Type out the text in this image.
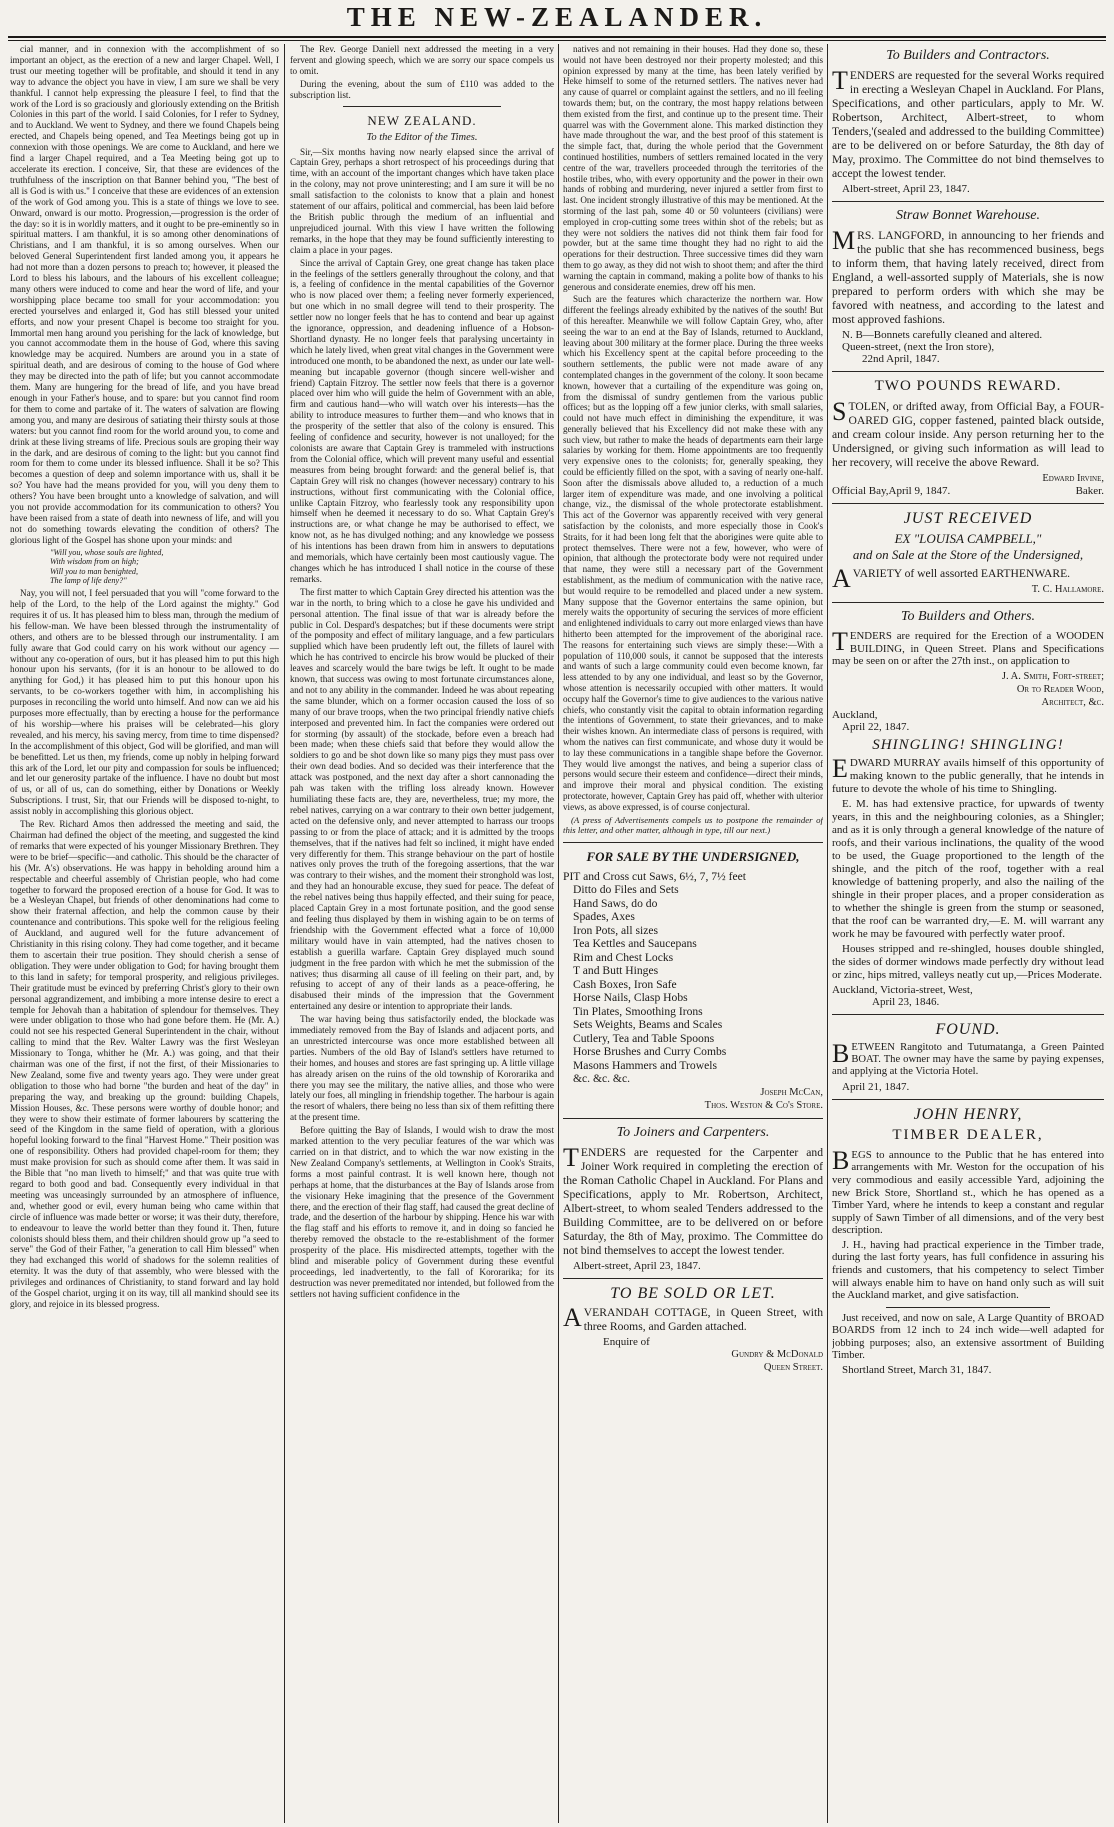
THE NEW-ZEALANDER.

cial manner, and in connexion with the accomplishment of so important an object, as the erection of a new and larger Chapel. Well, I trust our meeting together will be profitable, and should it tend in any way to advance the object you have in view, I am sure we shall be very thankful. I cannot help expressing the pleasure I feel, to find that the work of the Lord is so graciously and gloriously extending on the British Colonies in this part of the world. I said Colonies, for I refer to Sydney, and to Auckland. We went to Sydney, and there we found Chapels being erected, and Chapels being opened, and Tea Meetings being got up in connexion with those openings. We are come to Auckland, and here we find a larger Chapel required, and a Tea Meeting being got up to accelerate its erection. I conceive, Sir, that these are evidences of the truthfulness of the inscription on that Banner behind you, "The best of all is God is with us." I conceive that these are evidences of an extension of the work of God among you. This is a state of things we love to see. Onward, onward is our motto. Progression,—progression is the order of the day: so it is in worldly matters, and it ought to be pre-eminently so in spiritual matters. I am thankful, it is so among other denominations of Christians, and I am thankful, it is so among ourselves. When our beloved General Superintendent first landed among you, it appears he had not more than a dozen persons to preach to; however, it pleased the Lord to bless his labours, and the labours of his excellent colleague; many others were induced to come and hear the word of life, and your worshipping place became too small for your accommodation: you erected yourselves and enlarged it, God has still blessed your united efforts, and now your present Chapel is become too straight for you. Immortal men hang around you perishing for the lack of knowledge, but you cannot accommodate them in the house of God, where this saving knowledge may be acquired. Numbers are around you in a state of spiritual death, and are desirous of coming to the house of God where they may be directed into the path of life; but you cannot accommodate them. Many are hungering for the bread of life, and you have bread enough in your Father's house, and to spare: but you cannot find room for them to come and partake of it. The waters of salvation are flowing among you, and many are desirous of satiating their thirsty souls at those waters: but you cannot find room for the world around you, to come and drink at these living streams of life. Precious souls are groping their way in the dark, and are desirous of coming to the light: but you cannot find room for them to come under its blessed influence. Shall it be so? This becomes a question of deep and solemn importance with us, shall it be so? You have had the means provided for you, will you deny them to others? You have been brought unto a knowledge of salvation, and will you not provide accommodation for its communication to others? You have been raised from a state of death into newness of life, and will you not do something towards elevating the condition of others? The glorious light of the Gospel has shone upon your minds: and

"Will you, whose souls are lighted,
With wisdom from on high;
Will you to man benighted,
The lamp of life deny?"

Nay, you will not, I feel persuaded that you will "come forward to the help of the Lord, to the help of the Lord against the mighty." God requires it of us. It has pleased him to bless man, through the medium of his fellow-man. We have been blessed through the instrumentality of others, and others are to be blessed through our instrumentality. I am fully aware that God could carry on his work without our agency — without any co-operation of ours, but it has pleased him to put this high honour upon his servants, (for it is an honour to be allowed to do anything for God,) it has pleased him to put this honour upon his servants, to be co-workers together with him, in accomplishing his purposes in reconciling the world unto himself. And now can we aid his purposes more effectually, than by erecting a house for the performance of his worship—where his praises will be celebrated—his glory revealed, and his mercy, his saving mercy, from time to time dispensed? In the accomplishment of this object, God will be glorified, and man will be benefitted. Let us then, my friends, come up nobly in helping forward this ark of the Lord, let our pity and compassion for souls be influenced; and let our generosity partake of the influence. I have no doubt but most of us, or all of us, can do something, either by Donations or Weekly Subscriptions. I trust, Sir, that our Friends will be disposed to-night, to assist nobly in accomplishing this glorious object.

The Rev. Richard Amos then addressed the meeting and said, the Chairman had defined the object of the meeting, and suggested the kind of remarks that were expected of his younger Missionary Brethren. They were to be brief—specific—and catholic. This should be the character of his (Mr. A's) observations. He was happy in beholding around him a respectable and cheerful assembly of Christian people, who had come together to forward the proposed erection of a house for God. It was to be a Wesleyan Chapel, but friends of other denominations had come to show their fraternal affection, and help the common cause by their countenance and contributions. This spoke well for the religious feeling of Auckland, and augured well for the future advancement of Christianity in this rising colony. They had come together, and it became them to ascertain their true position. They should cherish a sense of obligation. They were under obligation to God; for having brought them to this land in safety; for temporal prosperity, and religious privileges. Their gratitude must be evinced by preferring Christ's glory to their own personal aggrandizement, and imbibing a more intense desire to erect a temple for Jehovah than a habitation of splendour for themselves. They were under obligation to those who had gone before them. He (Mr. A.) could not see his respected General Superintendent in the chair, without calling to mind that the Rev. Walter Lawry was the first Wesleyan Missionary to Tonga, whither he (Mr. A.) was going, and that their chairman was one of the first, if not the first, of their Missionaries to New Zealand, some five and twenty years ago. They were under great obligation to those who had borne "the burden and heat of the day" in preparing the way, and breaking up the ground: building Chapels, Mission Houses, &c. These persons were worthy of double honor; and they were to show their estimate of former labourers by scattering the seed of the Kingdom in the same field of operation, with a glorious hopeful looking forward to the final "Harvest Home." Their position was one of responsibility. Others had provided chapel-room for them; they must make provision for such as should come after them. It was said in the Bible that "no man liveth to himself;" and that was quite true with regard to both good and bad. Consequently every individual in that meeting was unceasingly surrounded by an atmosphere of influence, and, whether good or evil, every human being who came within that circle of influence was made better or worse; it was their duty, therefore, to endeavour to leave the world better than they found it. Then, future colonists should bless them, and their children should grow up "a seed to serve" the God of their Father, "a generation to call Him blessed" when they had exchanged this world of shadows for the solemn realities of eternity. It was the duty of that assembly, who were blessed with the privileges and ordinances of Christianity, to stand forward and lay hold of the Gospel chariot, urging it on its way, till all mankind should see its glory, and rejoice in its blessed progress.

The Rev. George Daniell next addressed the meeting in a very fervent and glowing speech, which we are sorry our space compels us to omit.

During the evening, about the sum of £110 was added to the subscription list.

NEW ZEALAND.
To the Editor of the Times.

Sir,—Six months having now nearly elapsed since the arrival of Captain Grey, perhaps a short retrospect of his proceedings during that time, with an account of the important changes which have taken place in the colony, may not prove uninteresting; and I am sure it will be no small satisfaction to the colonists to know that a plain and honest statement of our affairs, political and commercial, has been laid before the British public through the medium of an influential and unprejudiced journal. With this view I have written the following remarks, in the hope that they may be found sufficiently interesting to claim a place in your pages.

Since the arrival of Captain Grey, one great change has taken place in the feelings of the settlers generally throughout the colony, and that is, a feeling of confidence in the mental capabilities of the Governor who is now placed over them; a feeling never formerly experienced, but one which in no small degree will tend to their prosperity. The settler now no longer feels that he has to contend and bear up against the ignorance, oppression, and deadening influence of a Hobson-Shortland dynasty. He no longer feels that paralysing uncertainty in which he lately lived, when great vital changes in the Government were introduced one month, to be abandoned the next, as under our late well-meaning but incapable governor (though sincere well-wisher and friend) Captain Fitzroy. The settler now feels that there is a governor placed over him who will guide the helm of Government with an able, firm and cautious hand—who will watch over his interests—has the ability to introduce measures to further them—and who knows that in the prosperity of the settler that also of the colony is ensured. This feeling of confidence and security, however is not unalloyed; for the colonists are aware that Captain Grey is trammeled with instructions from the Colonial office, which will prevent many useful and essential measures from being brought forward: and the general belief is, that Captain Grey will risk no changes (however necessary) contrary to his instructions, without first communicating with the Colonial office, unlike Captain Fitzroy, who fearlessly took any responsibility upon himself when he deemed it necessary to do so. What Captain Grey's instructions are, or what change he may be authorised to effect, we know not, as he has divulged nothing; and any knowledge we possess of his intentions has been drawn from him in answers to deputations and memorials, which have certainly been most cautiously vague. The changes which he has introduced I shall notice in the course of these remarks.

The first matter to which Captain Grey directed his attention was the war in the north, to bring which to a close he gave his undivided and personal attention. The final issue of that war is already before the public in Col. Despard's despatches; but if these documents were stript of the pomposity and effect of military language, and a few particulars supplied which have been prudently left out, the fillets of laurel with which he has contrived to encircle his brow would be plucked of their leaves and scarcely would the bare twigs be left. It ought to be made known, that success was owing to most fortunate circumstances alone, and not to any ability in the commander. Indeed he was about repeating the same blunder, which on a former occasion caused the loss of so many of our brave troops, when the two principal friendly native chiefs interposed and prevented him. In fact the companies were ordered out for storming (by assault) of the stockade, before even a breach had been made; when these chiefs said that before they would allow the soldiers to go and be shot down like so many pigs they must pass over their own dead bodies. And so decided was their interference that the attack was postponed, and the next day after a short cannonading the pah was taken with the trifling loss already known. However humiliating these facts are, they are, nevertheless, true; my more, the rebel natives, carrying on a war contrary to their own better judgement, acted on the defensive only, and never attempted to harrass our troops passing to or from the place of attack; and it is admitted by the troops themselves, that if the natives had felt so inclined, it might have ended very differently for them. This strange behaviour on the part of hostile natives only proves the truth of the foregoing assertions, that the war was contrary to their wishes, and the moment their stronghold was lost, and they had an honourable excuse, they sued for peace. The defeat of the rebel natives being thus happily effected, and their suing for peace, placed Captain Grey in a most fortunate position, and the good sense and feeling thus displayed by them in wishing again to be on terms of friendship with the Government effected what a force of 10,000 military would have in vain attempted, had the natives chosen to establish a guerilla warfare. Captain Grey displayed much sound judgment in the free pardon with which he met the submission of the natives; thus disarming all cause of ill feeling on their part, and, by refusing to accept of any of their lands as a peace-offering, he disabused their minds of the impression that the Government entertained any desire or intention to appropriate their lands.

The war having being thus satisfactorily ended, the blockade was immediately removed from the Bay of Islands and adjacent ports, and an unrestricted intercourse was once more established between all parties. Numbers of the old Bay of Island's settlers have returned to their homes, and houses and stores are fast springing up. A little village has already arisen on the ruins of the old township of Kororarika and there you may see the military, the native allies, and those who were lately our foes, all mingling in friendship together. The harbour is again the resort of whalers, there being no less than six of them refitting there at the present time.

Before quitting the Bay of Islands, I would wish to draw the most marked attention to the very peculiar features of the war which was carried on in that district, and to which the war now existing in the New Zealand Company's settlements, at Wellington in Cook's Straits, forms a most painful contrast. It is well known here, though not perhaps at home, that the disturbances at the Bay of Islands arose from the visionary Heke imagining that the presence of the Government there, and the erection of their flag staff, had caused the great decline of trade, and the desertion of the harbour by shipping. Hence his war with the flag staff and his efforts to remove it, and in doing so fancied he thereby removed the obstacle to the re-establishment of the former prosperity of the place. His misdirected attempts, together with the blind and miserable policy of Government during these eventful proceedings, led inadvertently, to the fall of Kororarika; for its destruction was never premeditated nor intended, but followed from the settlers not having sufficient confidence in the

natives and not remaining in their houses. Had they done so, these would not have been destroyed nor their property molested; and this opinion expressed by many at the time, has been lately verified by Heke himself to some of the returned settlers. The natives never had any cause of quarrel or complaint against the settlers, and no ill feeling towards them; but, on the contrary, the most happy relations between them existed from the first, and continue up to the present time. Their quarrel was with the Government alone. This marked distinction they have made throughout the war, and the best proof of this statement is the simple fact, that, during the whole period that the Government continued hostilities, numbers of settlers remained located in the very centre of the war, travellers proceeded through the territories of the hostile tribes, who, with every opportunity and the power in their own hands of robbing and murdering, never injured a settler from first to last. One incident strongly illustrative of this may be mentioned. At the storming of the last pah, some 40 or 50 volunteers (civilians) were employed in crop-cutting some trees within shot of the rebels; but as they were not soldiers the natives did not think them fair food for powder, but at the same time thought they had no right to aid the operations for their destruction. Three successive times did they warn them to go away, as they did not wish to shoot them; and after the third warning the captain in command, making a polite bow of thanks to his generous and considerate enemies, drew off his men.

Such are the features which characterize the northern war. How different the feelings already exhibited by the natives of the south! But of this hereafter. Meanwhile we will follow Captain Grey, who, after seeing the war to an end at the Bay of Islands, returned to Auckland, leaving about 300 military at the former place. During the three weeks which his Excellency spent at the capital before proceeding to the southern settlements, the public were not made aware of any contemplated changes in the government of the colony. It soon became known, however that a curtailing of the expenditure was going on, from the dismissal of sundry gentlemen from the various public offices; but as the lopping off a few junior clerks, with small salaries, could not have much effect in diminishing the expenditure, it was generally believed that his Excellency did not make these with any such view, but rather to make the heads of departments earn their large salaries by working for them. Home appointments are too frequently very expensive ones to the colonists; for, generally speaking, they could be efficiently filled on the spot, with a saving of nearly one-half. Soon after the dismissals above alluded to, a reduction of a much larger item of expenditure was made, and one involving a political change, viz., the dismissal of the whole protectorate establishment. This act of the Governor was apparently received with very general satisfaction by the colonists, and more especially those in Cook's Straits, for it had been long felt that the aborigines were quite able to protect themselves. There were not a few, however, who were of opinion, that although the protectorate body were not required under that name, they were still a necessary part of the Government establishment, as the medium of communication with the native race, but would require to be remodelled and placed under a new system. Many suppose that the Governor entertains the same opinion, but merely waits the opportunity of securing the services of more efficient and enlightened individuals to carry out more enlarged views than have hitherto been attempted for the improvement of the aboriginal race. The reasons for entertaining such views are simply these:—With a population of 110,000 souls, it cannot be supposed that the interests and wants of such a large community could even become known, far less attended to by any one individual, and least so by the Governor, whose attention is necessarily occupied with other matters. It would occupy half the Governor's time to give audiences to the various native chiefs, who constantly visit the capital to obtain information regarding the intentions of Government, to state their grievances, and to make their wishes known. An intermediate class of persons is required, with whom the natives can first communicate, and whose duty it would be to lay these communications in a tangible shape before the Governor. They would live amongst the natives, and being a superior class of persons would secure their esteem and confidence—direct their minds, and improve their moral and physical condition. The existing protectorate, however, Captain Grey has paid off, whether with ulterior views, as above expressed, is of course conjectural.

(A press of Advertisements compels us to postpone the remainder of this letter, and other matter, although in type, till our next.)
FOR SALE BY THE UNDERSIGNED,
PIT and Cross cut Saws, 6½, 7, 7½ feet
Ditto do Files and Sets
Hand Saws, do do
Spades, Axes
Iron Pots, all sizes
Tea Kettles and Saucepans
Rim and Chest Locks
T and Butt Hinges
Cash Boxes, Iron Safe
Horse Nails, Clasp Hobs
Tin Plates, Smoothing Irons
Sets Weights, Beams and Scales
Cutlery, Tea and Table Spoons
Horse Brushes and Curry Combs
Masons Hammers and Trowels
&c. &c. &c.
Joseph McCan,
Thos. Weston & Co's Store.
To Joiners and Carpenters.

TENDERS are requested for the Carpenter and Joiner Work required in completing the erection of the Roman Catholic Chapel in Auckland. For Plans and Specifications, apply to Mr. Robertson, Architect, Albert-street, to whom sealed Tenders addressed to the Building Committee, are to be delivered on or before Saturday, the 8th of May, proximo. The Committee do not bind themselves to accept the lowest tender.

Albert-street, April 23, 1847.
TO BE SOLD OR LET.

AVERANDAH COTTAGE, in Queen Street, with three Rooms, and Garden attached.

Enquire of
Gundry & McDonald
Queen Street.
To Builders and Contractors.

TENDERS are requested for the several Works required in erecting a Wesleyan Chapel in Auckland. For Plans, Specifications, and other particulars, apply to Mr. W. Robertson, Architect, Albert-street, to whom Tenders,'(sealed and addressed to the building Committee) are to be delivered on or before Saturday, the 8th day of May, proximo. The Committee do not bind themselves to accept the lowest tender.

Albert-street, April 23, 1847.
Straw Bonnet Warehouse.

MRS. LANGFORD, in announcing to her friends and the public that she has recommenced business, begs to inform them, that having lately received, direct from England, a well-assorted supply of Materials, she is now prepared to perform orders with which she may be favored with neatness, and according to the latest and most approved fashions.

N. B—Bonnets carefully cleaned and altered.
Queen-street, (next the Iron store),
22nd April, 1847.
TWO POUNDS REWARD.

STOLEN, or drifted away, from Official Bay, a FOUR-OARED GIG, copper fastened, painted black outside, and cream colour inside. Any person returning her to the Undersigned, or giving such information as will lead to her recovery, will receive the above Reward.

Edward Irvine,
Official Bay,April 9, 1847.	Baker.
JUST RECEIVED
EX "LOUISA CAMPBELL,"
and on Sale at the Store of the Undersigned,

AVARIETY of well assorted EARTHENWARE.

T. C. Hallamore.
To Builders and Others.

TENDERS are required for the Erection of a WOODEN BUILDING, in Queen Street. Plans and Specifications may be seen on or after the 27th inst., on application to

J. A. Smith, Fort-street;
Or to Reader Wood,
Architect, &c.
Auckland,
April 22, 1847.
SHINGLING! SHINGLING!

EDWARD MURRAY avails himself of this opportunity of making known to the public generally, that he intends in future to devote the whole of his time to Shingling.

E. M. has had extensive practice, for upwards of twenty years, in this and the neighbouring colonies, as a Shingler; and as it is only through a general knowledge of the nature of roofs, and their various inclinations, the quality of the wood to be used, the Guage proportioned to the length of the shingle, and the pitch of the roof, together with a real knowledge of battening properly, and also the nailing of the shingle in their proper places, and a proper consideration as to whether the shingle is green from the stump or seasoned, that the roof can be warranted dry,—E. M. will warrant any work he may be favoured with perfectly water proof.

Houses stripped and re-shingled, houses double shingled, the sides of dormer windows made perfectly dry without lead or zinc, hips mitred, valleys neatly cut up,—Prices Moderate.

Auckland, Victoria-street, West,
April 23, 1846.
FOUND.

BETWEEN Rangitoto and Tutumatanga, a Green Painted BOAT. The owner may have the same by paying expenses, and applying at the Victoria Hotel.

April 21, 1847.
JOHN HENRY,
TIMBER DEALER,

BEGS to announce to the Public that he has entered into arrangements with Mr. Weston for the occupation of his very commodious and easily accessible Yard, adjoining the new Brick Store, Shortland st., which he has opened as a Timber Yard, where he intends to keep a constant and regular supply of Sawn Timber of all dimensions, and of the very best description.

J. H., having had practical experience in the Timber trade, during the last forty years, has full confidence in assuring his friends and customers, that his competency to select Timber will always enable him to have on hand only such as will suit the Auckland market, and give satisfaction.

Just received, and now on sale, A Large Quantity of BROAD BOARDS from 12 inch to 24 inch wide—well adapted for jobbing purposes; also, an extensive assortment of Building Timber.

Shortland Street, March 31, 1847.
